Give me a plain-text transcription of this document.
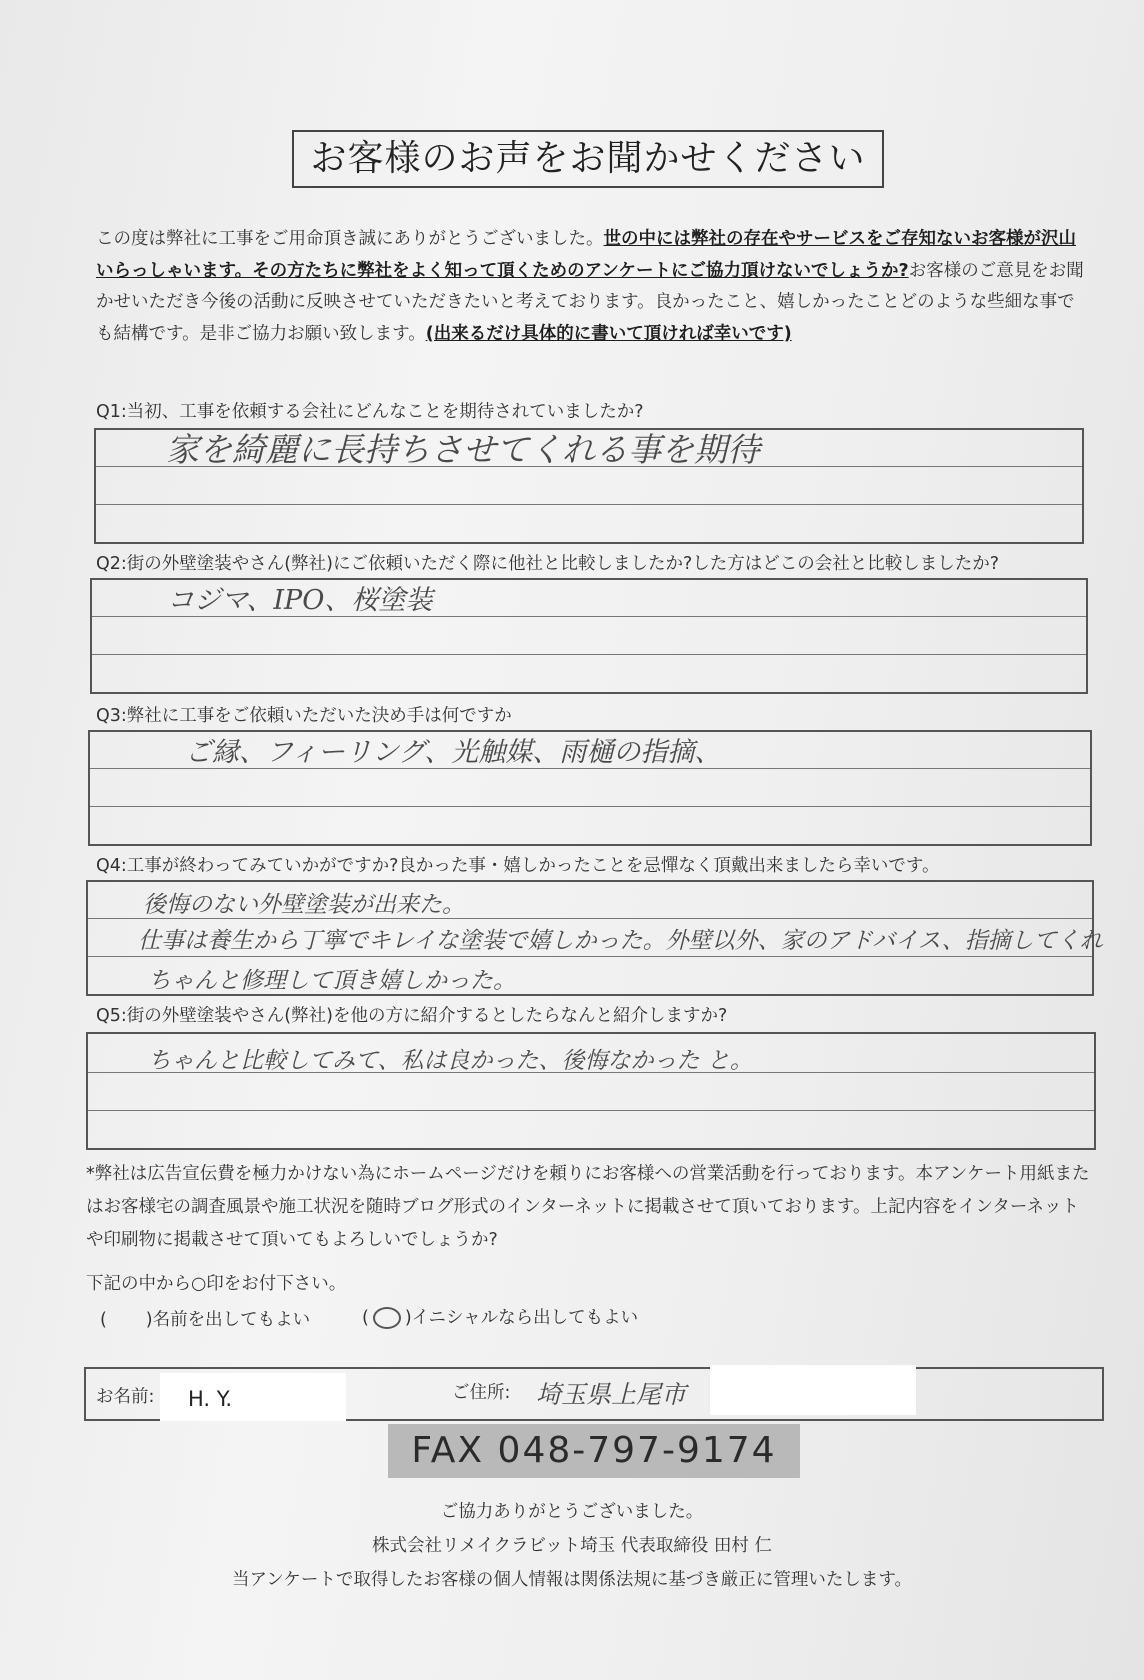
お客様のお声をお聞かせください
この度は弊社に工事をご用命頂き誠にありがとうございました。世の中には弊社の存在やサービスをご存知ないお客様が沢山いらっしゃいます。その方たちに弊社をよく知って頂くためのアンケートにご協力頂けないでしょうか?お客様のご意見をお聞かせいただき今後の活動に反映させていただきたいと考えております。良かったこと、嬉しかったことどのような些細な事でも結構です。是非ご協力お願い致します。(出来るだけ具体的に書いて頂ければ幸いです)
Q1:当初、工事を依頼する会社にどんなことを期待されていましたか?
家を綺麗に長持ちさせてくれる事を期待
Q2:街の外壁塗装やさん(弊社)にご依頼いただく際に他社と比較しましたか?した方はどこの会社と比較しましたか?
コジマ、IPO、桜塗装
Q3:弊社に工事をご依頼いただいた決め手は何ですか
ご縁、フィーリング、光触媒、雨樋の指摘、
Q4:工事が終わってみていかがですか?良かった事・嬉しかったことを忌憚なく頂戴出来ましたら幸いです。
後悔のない外壁塗装が出来た。
仕事は養生から丁寧でキレイな塗装で嬉しかった。外壁以外、家のアドバイス、指摘してくれ
ちゃんと修理して頂き嬉しかった。
Q5:街の外壁塗装やさん(弊社)を他の方に紹介するとしたらなんと紹介しますか?
ちゃんと比較してみて、私は良かった、後悔なかった と。
*弊社は広告宣伝費を極力かけない為にホームページだけを頼りにお客様への営業活動を行っております。本アンケート用紙またはお客様宅の調査風景や施工状況を随時ブログ形式のインターネットに掲載させて頂いております。上記内容をインターネットや印刷物に掲載させて頂いてもよろしいでしょうか?
下記の中から○印をお付下さい。
(       )名前を出してもよい	( )イニシャルなら出してもよい
お名前: H. Y.	ご住所: 埼玉県上尾市
FAX 048-797-9174
ご協力ありがとうございました。
株式会社リメイクラビット埼玉 代表取締役 田村 仁
当アンケートで取得したお客様の個人情報は関係法規に基づき厳正に管理いたします。
